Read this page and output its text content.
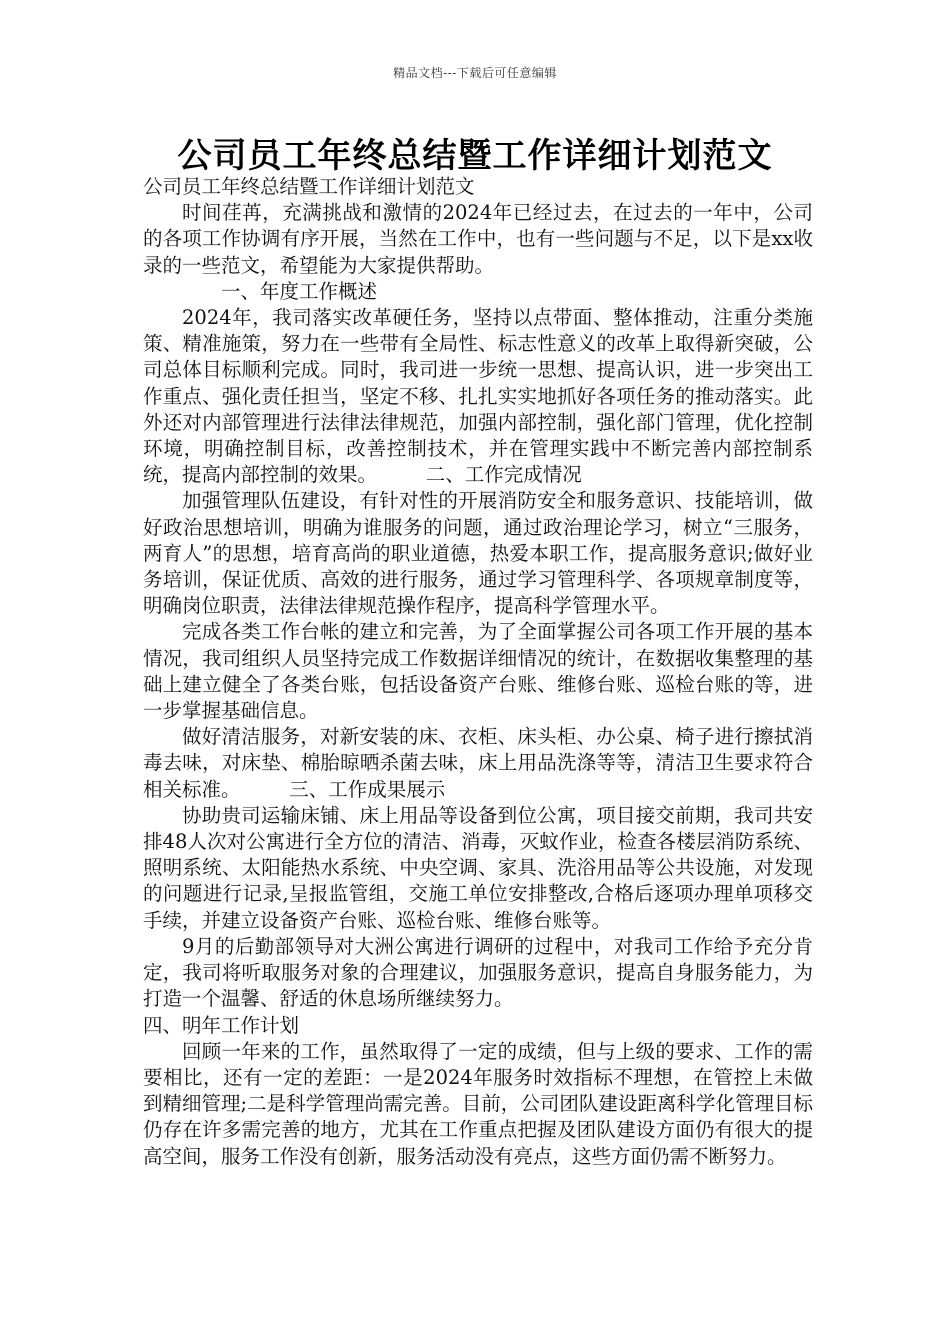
精品文档---下载后可任意编辑
公司员工年终总结暨工作详细计划范文

公司员工年终总结暨工作详细计划范文

时间荏苒，充满挑战和激情的2024年已经过去，在过去的一年中，公司的各项工作协调有序开展，当然在工作中，也有一些问题与不足，以下是xx收录的一些范文，希望能为大家提供帮助。

一、年度工作概述

2024年，我司落实改革硬任务，坚持以点带面、整体推动，注重分类施策、精准施策，努力在一些带有全局性、标志性意义的改革上取得新突破，公司总体目标顺利完成。同时，我司进一步统一思想、提高认识，进一步突出工作重点、强化责任担当，坚定不移、扎扎实实地抓好各项任务的推动落实。此外还对内部管理进行法律法律规范，加强内部控制，强化部门管理，优化控制环境，明确控制目标，改善控制技术，并在管理实践中不断完善内部控制系统，提高内部控制的效果。	二、工作完成情况

加强管理队伍建设，有针对性的开展消防安全和服务意识、技能培训，做好政治思想培训，明确为谁服务的问题，通过政治理论学习，树立“三服务，两育人”的思想，培育高尚的职业道德，热爱本职工作，提高服务意识;做好业务培训，保证优质、高效的进行服务，通过学习管理科学、各项规章制度等，明确岗位职责，法律法律规范操作程序，提高科学管理水平。

完成各类工作台帐的建立和完善，为了全面掌握公司各项工作开展的基本情况，我司组织人员坚持完成工作数据详细情况的统计，在数据收集整理的基础上建立健全了各类台账，包括设备资产台账、维修台账、巡检台账的等，进一步掌握基础信息。

做好清洁服务，对新安装的床、衣柜、床头柜、办公桌、椅子进行擦拭消毒去味，对床垫、棉胎晾晒杀菌去味，床上用品洗涤等等，清洁卫生要求符合相关标准。	三、工作成果展示

协助贵司运输床铺、床上用品等设备到位公寓，项目接交前期，我司共安排48人次对公寓进行全方位的清洁、消毒，灭蚊作业，检查各楼层消防系统、照明系统、太阳能热水系统、中央空调、家具、洗浴用品等公共设施，对发现的问题进行记录,呈报监管组，交施工单位安排整改,合格后逐项办理单项移交手续，并建立设备资产台账、巡检台账、维修台账等。

9月的后勤部领导对大洲公寓进行调研的过程中，对我司工作给予充分肯定，我司将听取服务对象的合理建议，加强服务意识，提高自身服务能力，为打造一个温馨、舒适的休息场所继续努力。

四、明年工作计划

回顾一年来的工作，虽然取得了一定的成绩，但与上级的要求、工作的需要相比，还有一定的差距：一是2024年服务时效指标不理想，在管控上未做到精细管理;二是科学管理尚需完善。目前，公司团队建设距离科学化管理目标仍存在许多需完善的地方，尤其在工作重点把握及团队建设方面仍有很大的提高空间，服务工作没有创新，服务活动没有亮点，这些方面仍需不断努力。
